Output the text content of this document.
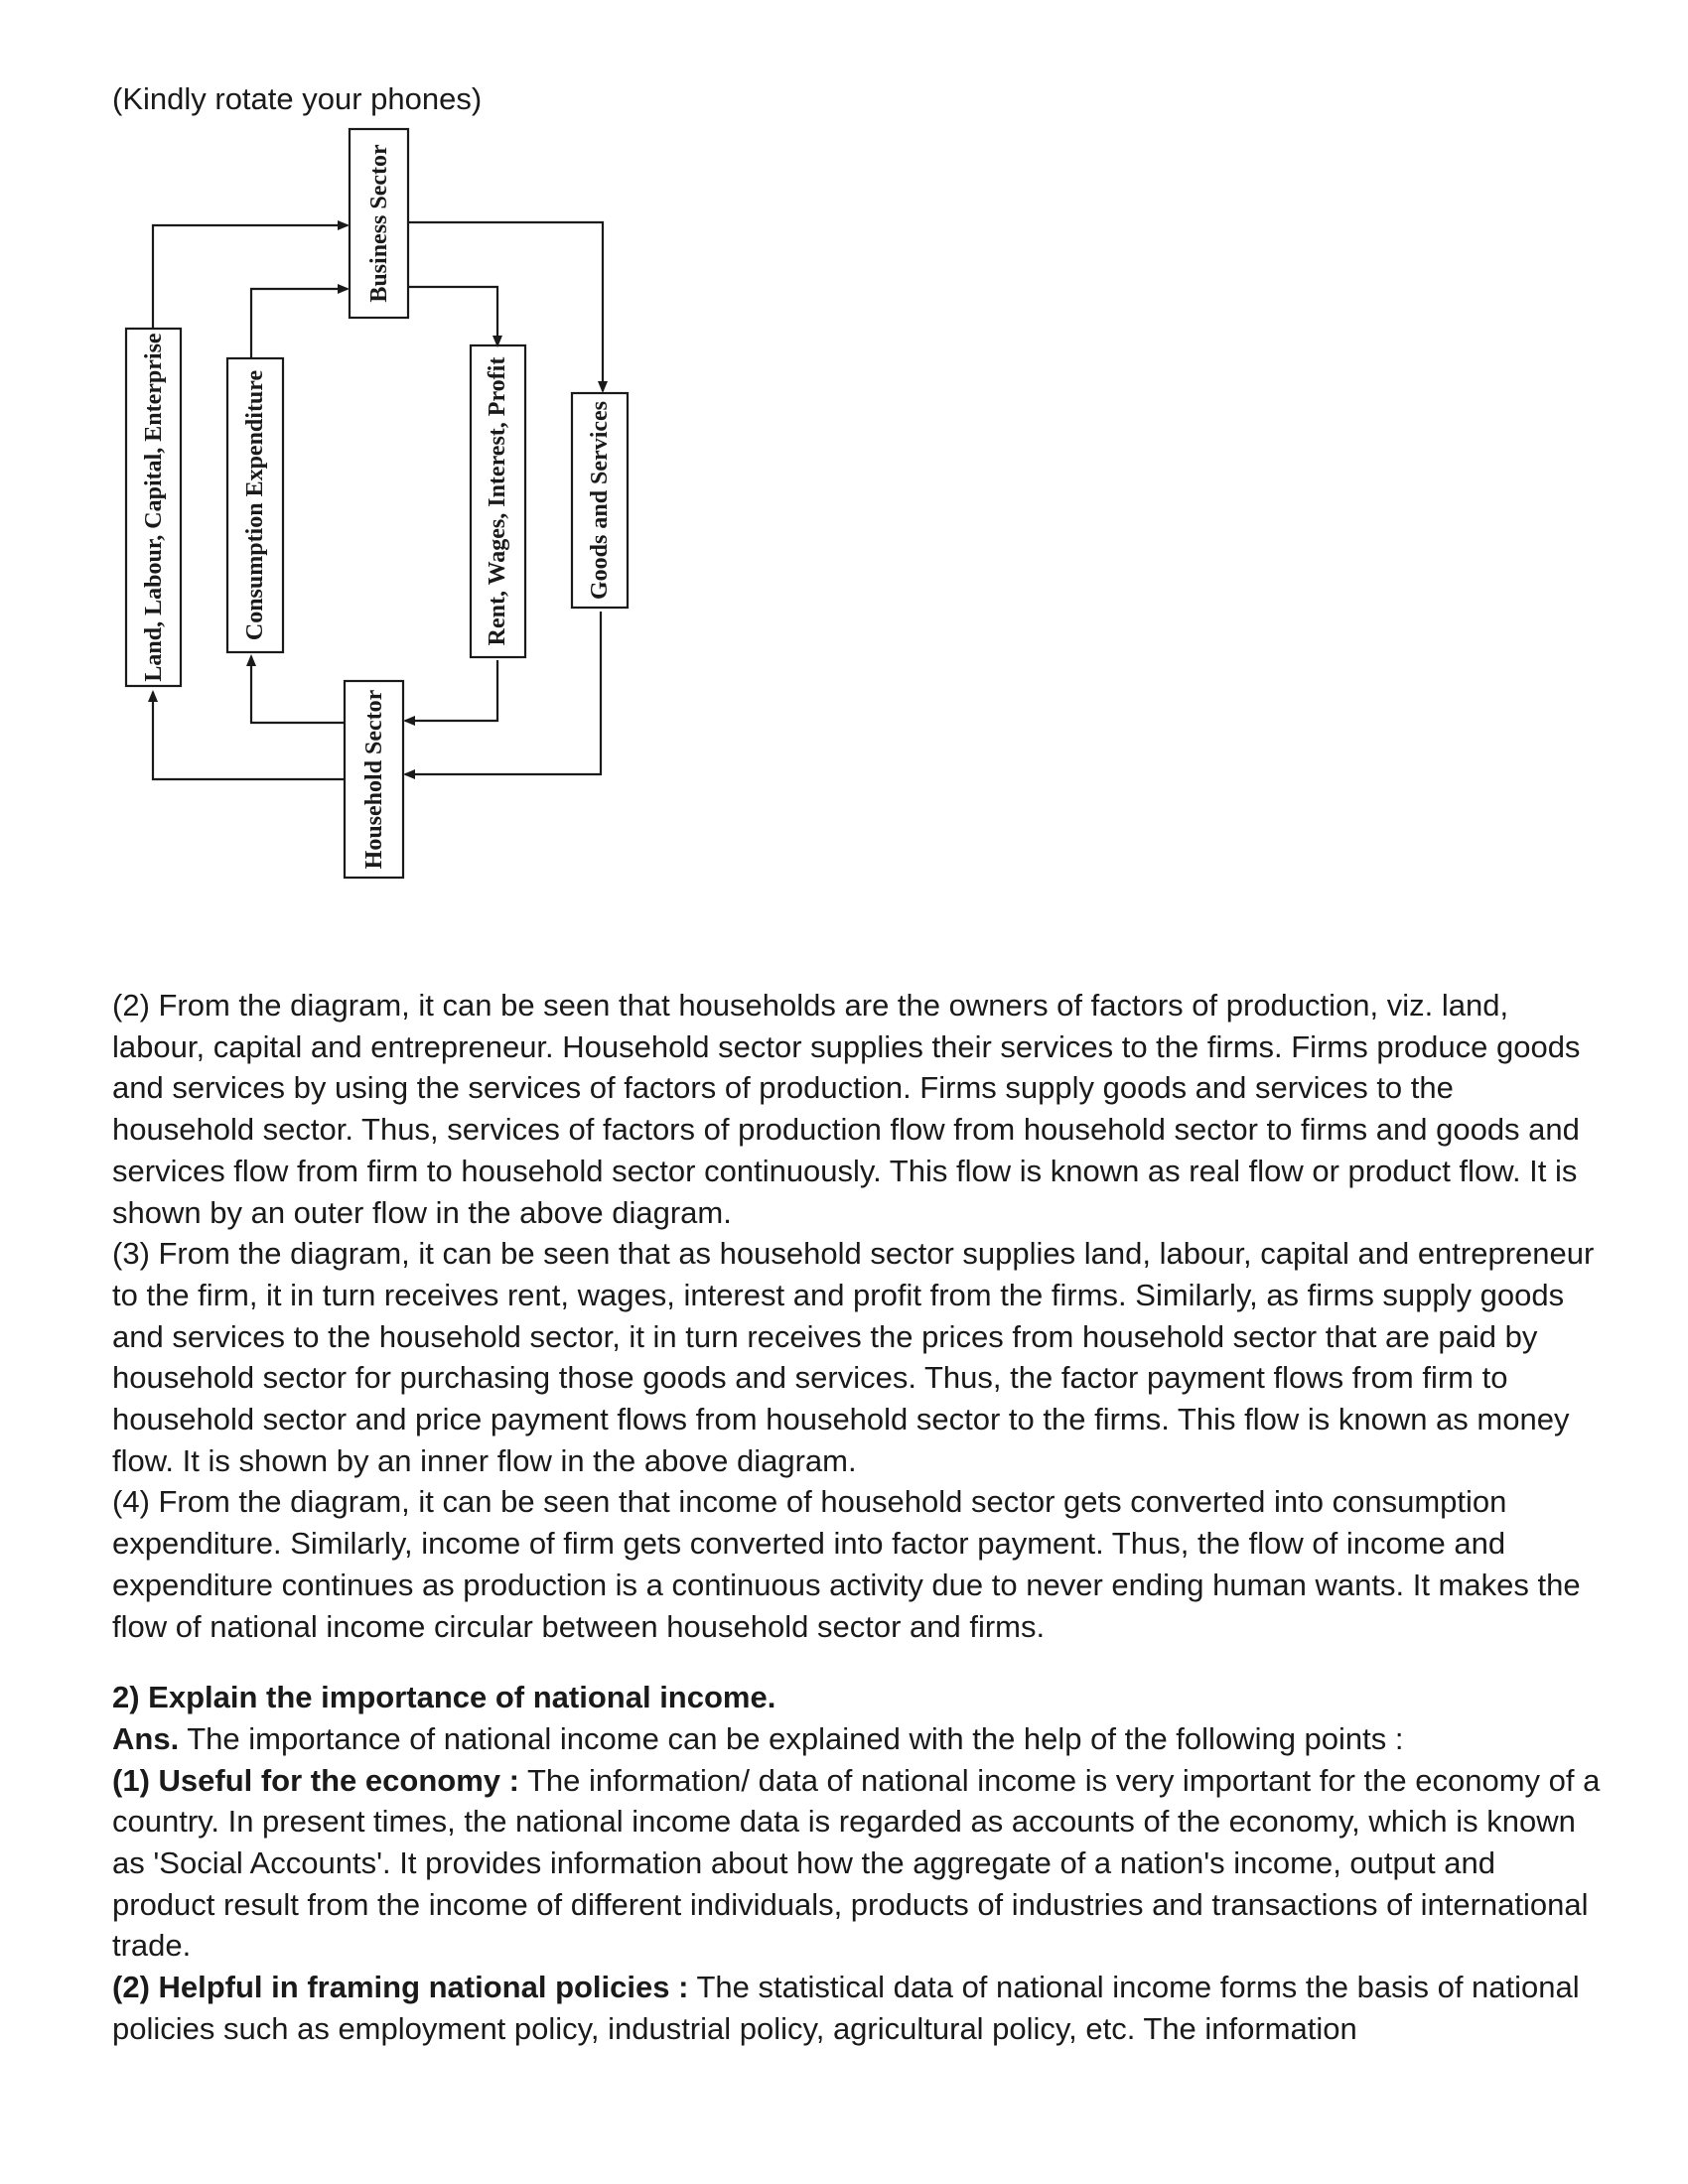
(Kindly rotate your phones)
Business Sector
Household Sector
Land, Labour, Capital, Enterprise	Consumption Expenditure	Rent, Wages, Interest, Profit	Goods and Services

(2) From the diagram, it can be seen that households are the owners of factors of production, viz. land, labour, capital and entrepreneur. Household sector supplies their services to the firms. Firms produce goods and services by using the services of factors of production. Firms supply goods and services to the household sector. Thus, services of factors of production flow from household sector to firms and goods and services flow from firm to household sector continuously. This flow is known as real flow or product flow. It is shown by an outer flow in the above diagram.

(3) From the diagram, it can be seen that as household sector supplies land, labour, capital and entrepreneur to the firm, it in turn receives rent, wages, interest and profit from the firms. Similarly, as firms supply goods and services to the household sector, it in turn receives the prices from household sector that are paid by household sector for purchasing those goods and services. Thus, the factor payment flows from firm to household sector and price payment flows from household sector to the firms. This flow is known as money flow. It is shown by an inner flow in the above diagram.

(4) From the diagram, it can be seen that income of household sector gets converted into consumption expenditure. Similarly, income of firm gets converted into factor payment. Thus, the flow of income and expenditure continues as production is a continuous activity due to never ending human wants. It makes the flow of national income circular between household sector and firms.

2) Explain the importance of national income.

Ans. The importance of national income can be explained with the help of the following points :

(1) Useful for the economy : The information/ data of national income is very important for the economy of a country. In present times, the national income data is regarded as accounts of the economy, which is known as 'Social Accounts'. It provides information about how the aggregate of a nation's income, output and product result from the income of different individuals, products of industries and transactions of international trade.

(2) Helpful in framing national policies : The statistical data of national income forms the basis of national policies such as employment policy, industrial policy, agricultural policy, etc. The information
